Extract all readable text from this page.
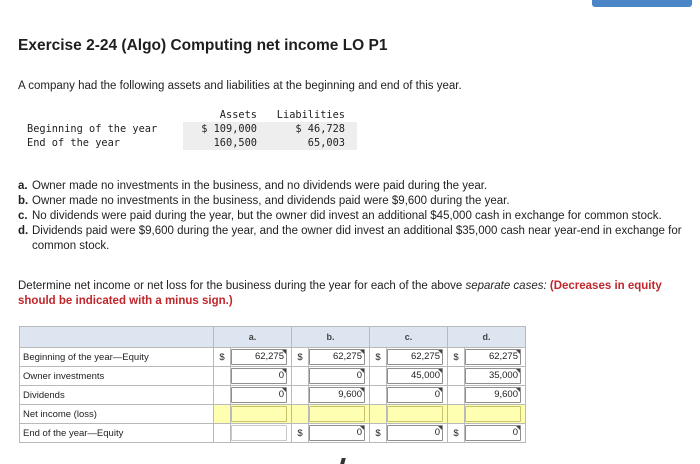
Exercise 2-24 (Algo) Computing net income LO P1
A company had the following assets and liabilities at the beginning and end of this year.
	Assets	Liabilities
Beginning of the year	$ 109,000	$ 46,728
End of the year	160,500	65,003
a. Owner made no investments in the business, and no dividends were paid during the year.
b. Owner made no investments in the business, and dividends paid were $9,600 during the year.
c. No dividends were paid during the year, but the owner did invest an additional $45,000 cash in exchange for common stock.
d. Dividends paid were $9,600 during the year, and the owner did invest an additional $35,000 cash near year-end in exchange for common stock.
Determine net income or net loss for the business during the year for each of the above separate cases: (Decreases in equity should be indicated with a minus sign.)
	a.		b.		c.		d.	
Beginning of the year—Equity	$	62,275	$	62,275	$	62,275	$	62,275

Owner investments		0		0		45,000		35,000

Dividends		0		9,600		0		9,600

Net income (loss)		

End of the year—Equity			$	0	$	0	$	0
